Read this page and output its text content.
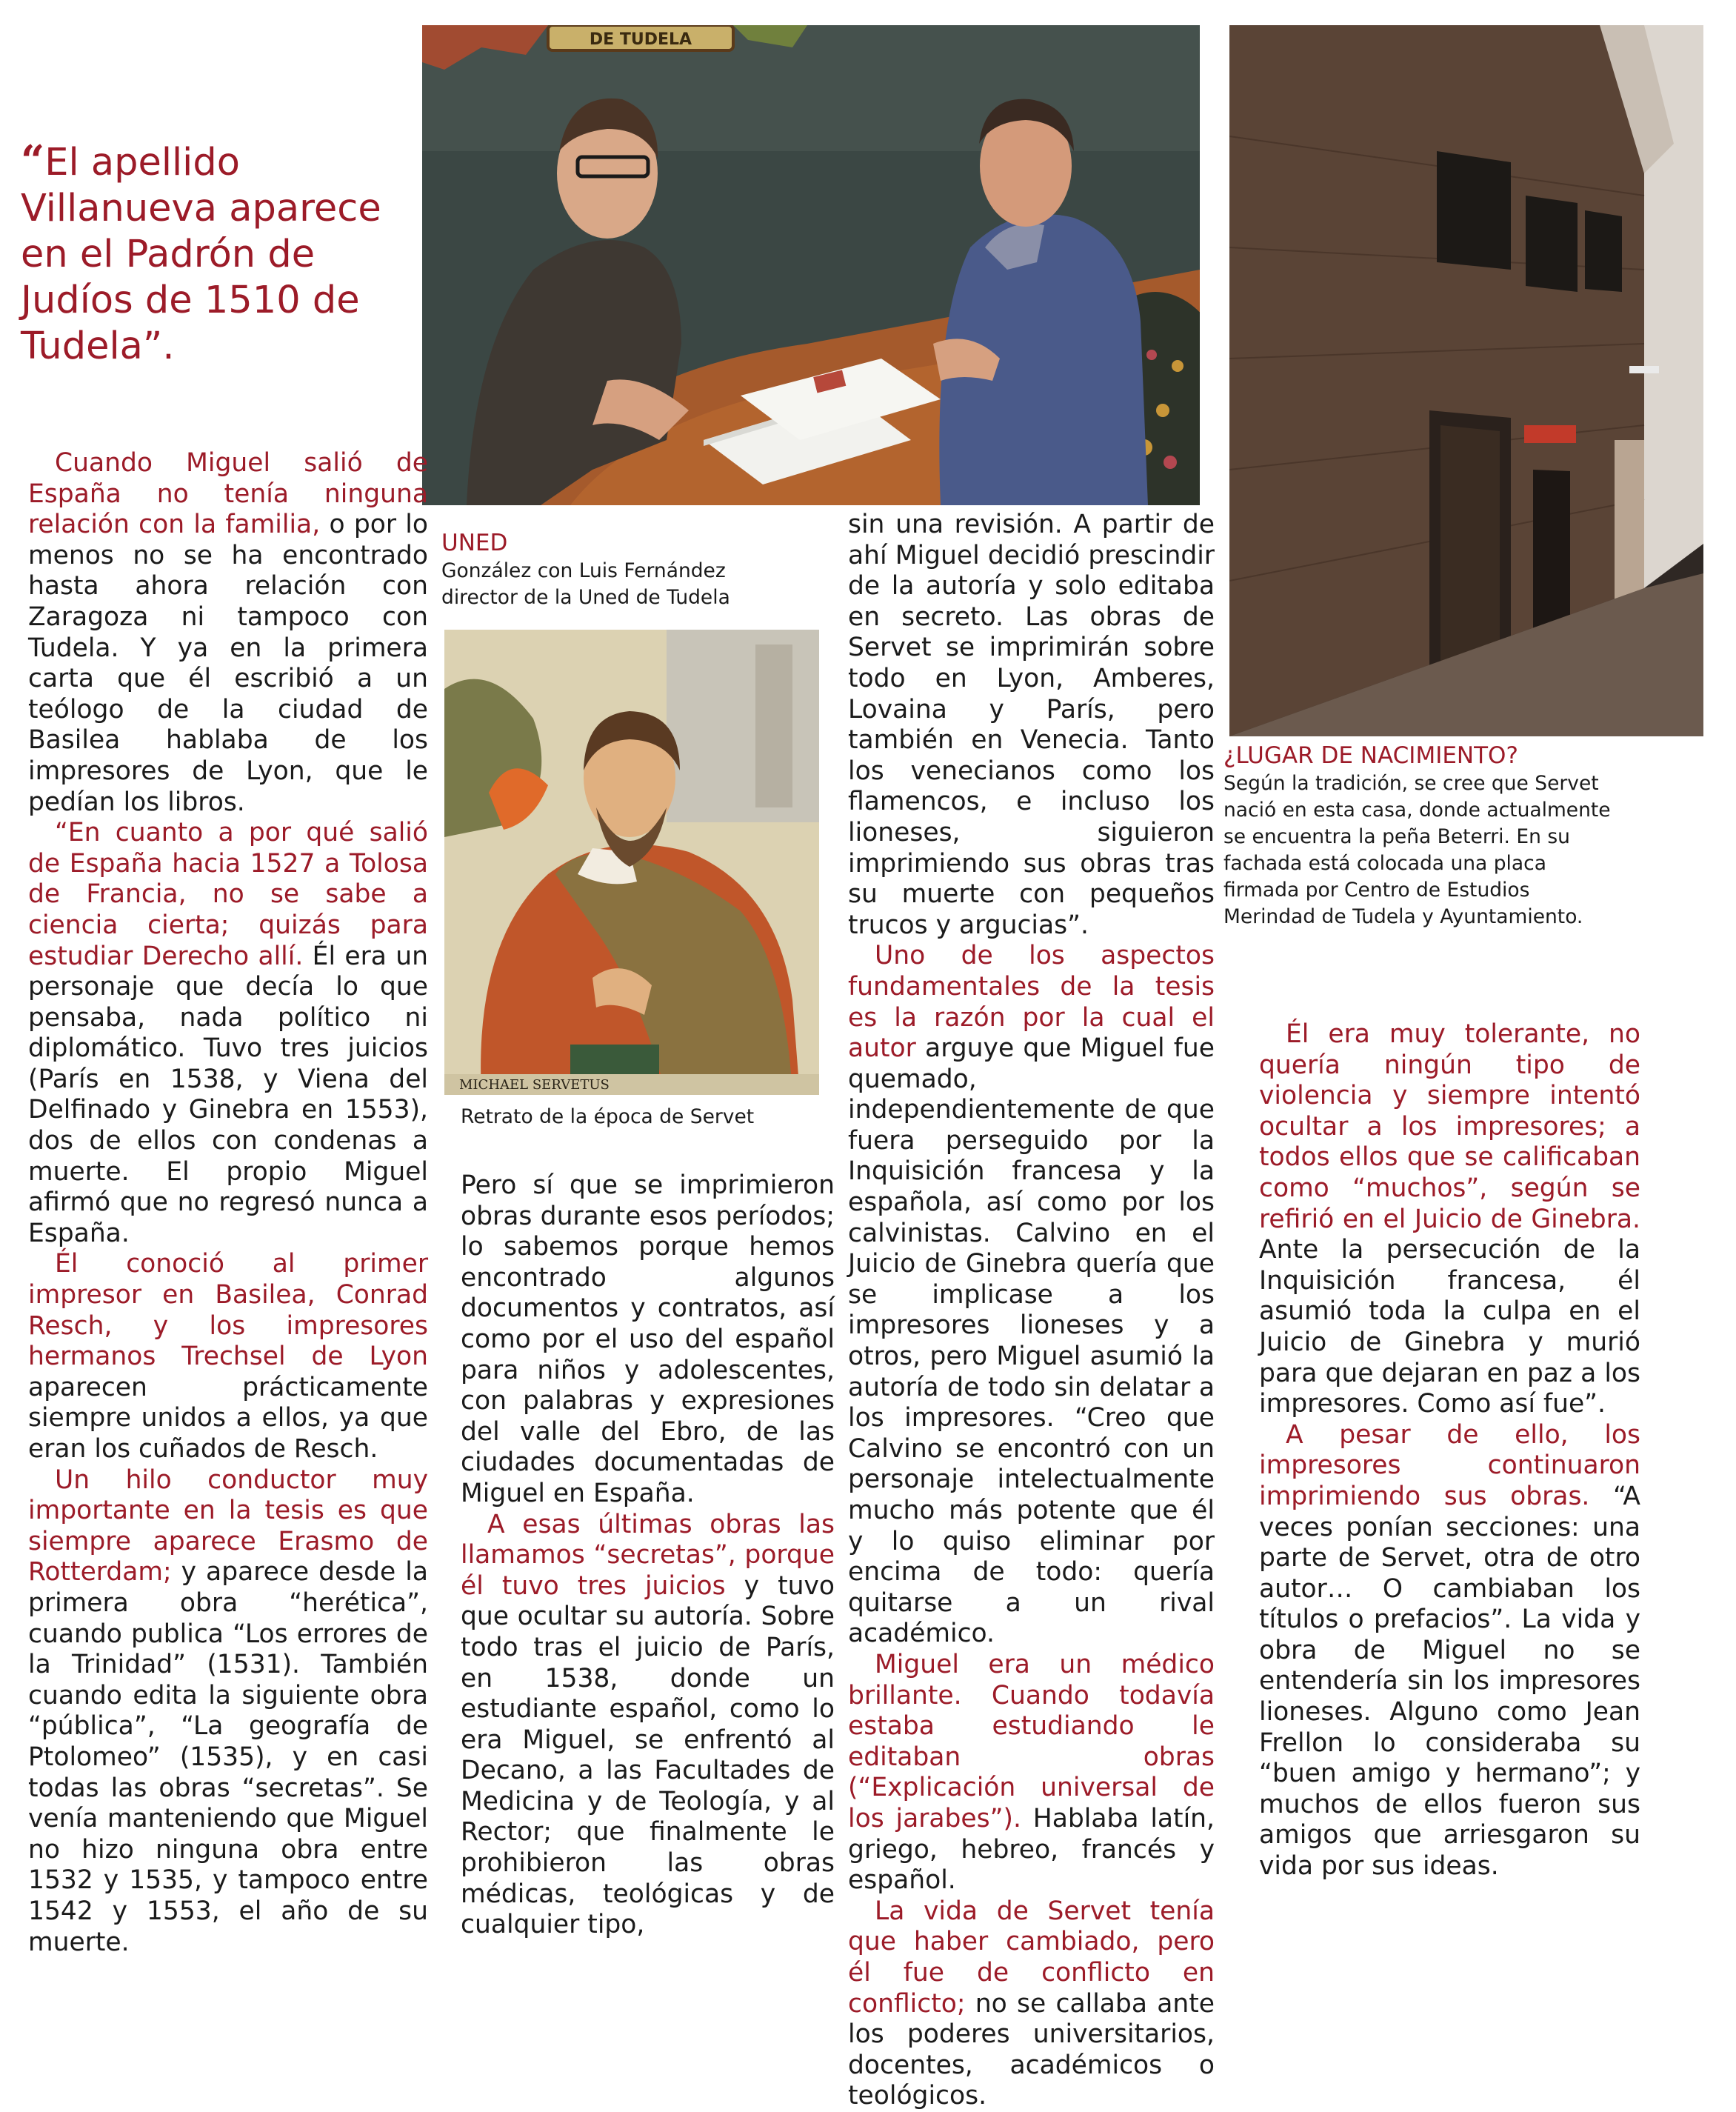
“El apellido Villanueva aparece en el Padrón de Judíos de 1510 de Tudela”.
DE TUDELA
MICHAEL SERVETUS
UNED
González con Luis Fernández director de la Uned de Tudela
Retrato de la época de Servet
¿LUGAR DE NACIMIENTO?
Según la tradición, se cree que Servet nació en esta casa, donde actualmente se encuentra la peña Beterri. En su fachada está colocada una placa firmada por Centro de Estudios Merindad de Tudela y Ayuntamiento.

Cuando Miguel salió de España no tenía ninguna relación con la familia, o por lo menos no se ha encontrado hasta ahora relación con Zaragoza ni tampoco con Tudela. Y ya en la primera carta que él escribió a un teólogo de la ciudad de Basilea hablaba de los impresores de Lyon, que le pedían los libros.

“En cuanto a por qué salió de España hacia 1527 a Tolosa de Francia, no se sabe a ciencia cierta; quizás para estudiar Derecho allí. Él era un personaje que decía lo que pensaba, nada político ni diplomático. Tuvo tres juicios (París en 1538, y Viena del Delfinado y Ginebra en 1553), dos de ellos con condenas a muerte. El propio Miguel afirmó que no regresó nunca a España.

Él conoció al primer impresor en Basilea, Conrad Resch, y los impresores hermanos Trechsel de Lyon aparecen prácticamente siempre unidos a ellos, ya que eran los cuñados de Resch.

Un hilo conductor muy importante en la tesis es que siempre aparece Erasmo de Rotterdam; y aparece desde la primera obra “herética”, cuando publica “Los errores de la Trinidad” (1531). También cuando edita la siguiente obra “pública”, “La geografía de Ptolomeo” (1535), y en casi todas las obras “secretas”. Se venía manteniendo que Miguel no hizo ninguna obra entre 1532 y 1535, y tampoco entre 1542 y 1553, el año de su muerte.

Pero sí que se imprimieron obras durante esos períodos; lo sabemos porque hemos encontrado algunos documentos y contratos, así como por el uso del español para niños y adolescentes, con palabras y expresiones del valle del Ebro, de las ciudades documentadas de Miguel en España.

A esas últimas obras las llamamos “secretas”, porque él tuvo tres juicios y tuvo que ocultar su autoría. Sobre todo tras el juicio de París, en 1538, donde un estudiante español, como lo era Miguel, se enfrentó al Decano, a las Facultades de Medicina y de Teología, y al Rector; que finalmente le prohibieron las obras médicas, teológicas y de cualquier tipo,

sin una revisión. A partir de ahí Miguel decidió prescindir de la autoría y solo editaba en secreto. Las obras de Servet se imprimirán sobre todo en Lyon, Amberes, Lovaina y París, pero también en Venecia. Tanto los venecianos como los flamencos, e incluso los lioneses, siguieron imprimiendo sus obras tras su muerte con pequeños trucos y argucias”.

Uno de los aspectos fundamentales de la tesis es la razón por la cual el autor arguye que Miguel fue quemado, independientemente de que fuera perseguido por la Inquisición francesa y la española, así como por los calvinistas. Calvino en el Juicio de Ginebra quería que se implicase a los impresores lioneses y a otros, pero Miguel asumió la autoría de todo sin delatar a los impresores. “Creo que Calvino se encontró con un personaje intelectualmente mucho más potente que él y lo quiso eliminar por encima de todo: quería quitarse a un rival académico.

Miguel era un médico brillante. Cuando todavía estaba estudiando le editaban obras (“Explicación universal de los jarabes”). Hablaba latín, griego, hebreo, francés y español.

La vida de Servet tenía que haber cambiado, pero él fue de conflicto en conflicto; no se callaba ante los poderes universitarios, docentes, académicos o teológicos.

Él era muy tolerante, no quería ningún tipo de violencia y siempre intentó ocultar a los impresores; a todos ellos que se calificaban como “muchos”, según se refirió en el Juicio de Ginebra. Ante la persecución de la Inquisición francesa, él asumió toda la culpa en el Juicio de Ginebra y murió para que dejaran en paz a los impresores. Como así fue”.

A pesar de ello, los impresores continuaron imprimiendo sus obras. “A veces ponían secciones: una parte de Servet, otra de otro autor… O cambiaban los títulos o prefacios”. La vida y obra de Miguel no se entendería sin los impresores lioneses. Alguno como Jean Frellon lo consideraba su “buen amigo y hermano”; y muchos de ellos fueron sus amigos que arriesgaron su vida por sus ideas.
